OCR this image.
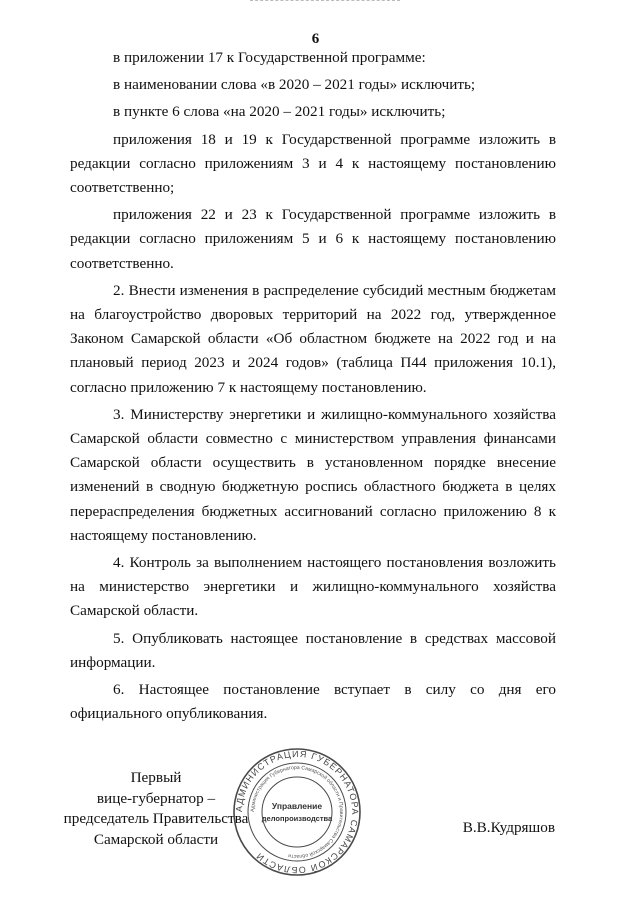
6

в приложении 17 к Государственной программе:

в наименовании слова «в 2020 – 2021 годы» исключить;

в пункте 6 слова «на 2020 – 2021 годы» исключить;

приложения 18 и 19 к Государственной программе изложить в редакции согласно приложениям 3 и 4 к настоящему постановлению соответственно;

приложения 22 и 23 к Государственной программе изложить в редакции согласно приложениям 5 и 6 к настоящему постановлению соответственно.

2. Внести изменения в распределение субсидий местным бюджетам на благоустройство дворовых территорий на 2022 год, утвержденное Законом Самарской области «Об областном бюджете на 2022 год и на плановый период 2023 и 2024 годов» (таблица П44 приложения 10.1), согласно приложению 7 к настоящему постановлению.

3. Министерству энергетики и жилищно-коммунального хозяйства Самарской области совместно с министерством управления финансами Самарской области осуществить в установленном порядке внесение изменений в сводную бюджетную роспись областного бюджета в целях перераспределения бюджетных ассигнований согласно приложению 8 к настоящему постановлению.

4. Контроль за выполнением настоящего постановления возложить на министерство энергетики и жилищно-коммунального хозяйства Самарской области.

5. Опубликовать настоящее постановление в средствах массовой информации.

6. Настоящее постановление вступает в силу со дня его официального опубликования.

Первый
вице-губернатор –
председатель Правительства
Самарской области
АДМИНИСТРАЦИЯ ГУБЕРНАТОРА САМАРСКОЙ ОБЛАСТИ
Администрация Губернатора Самарской области и Правительства Самарской области
Управление
делопроизводства
В.В.Кудряшов
